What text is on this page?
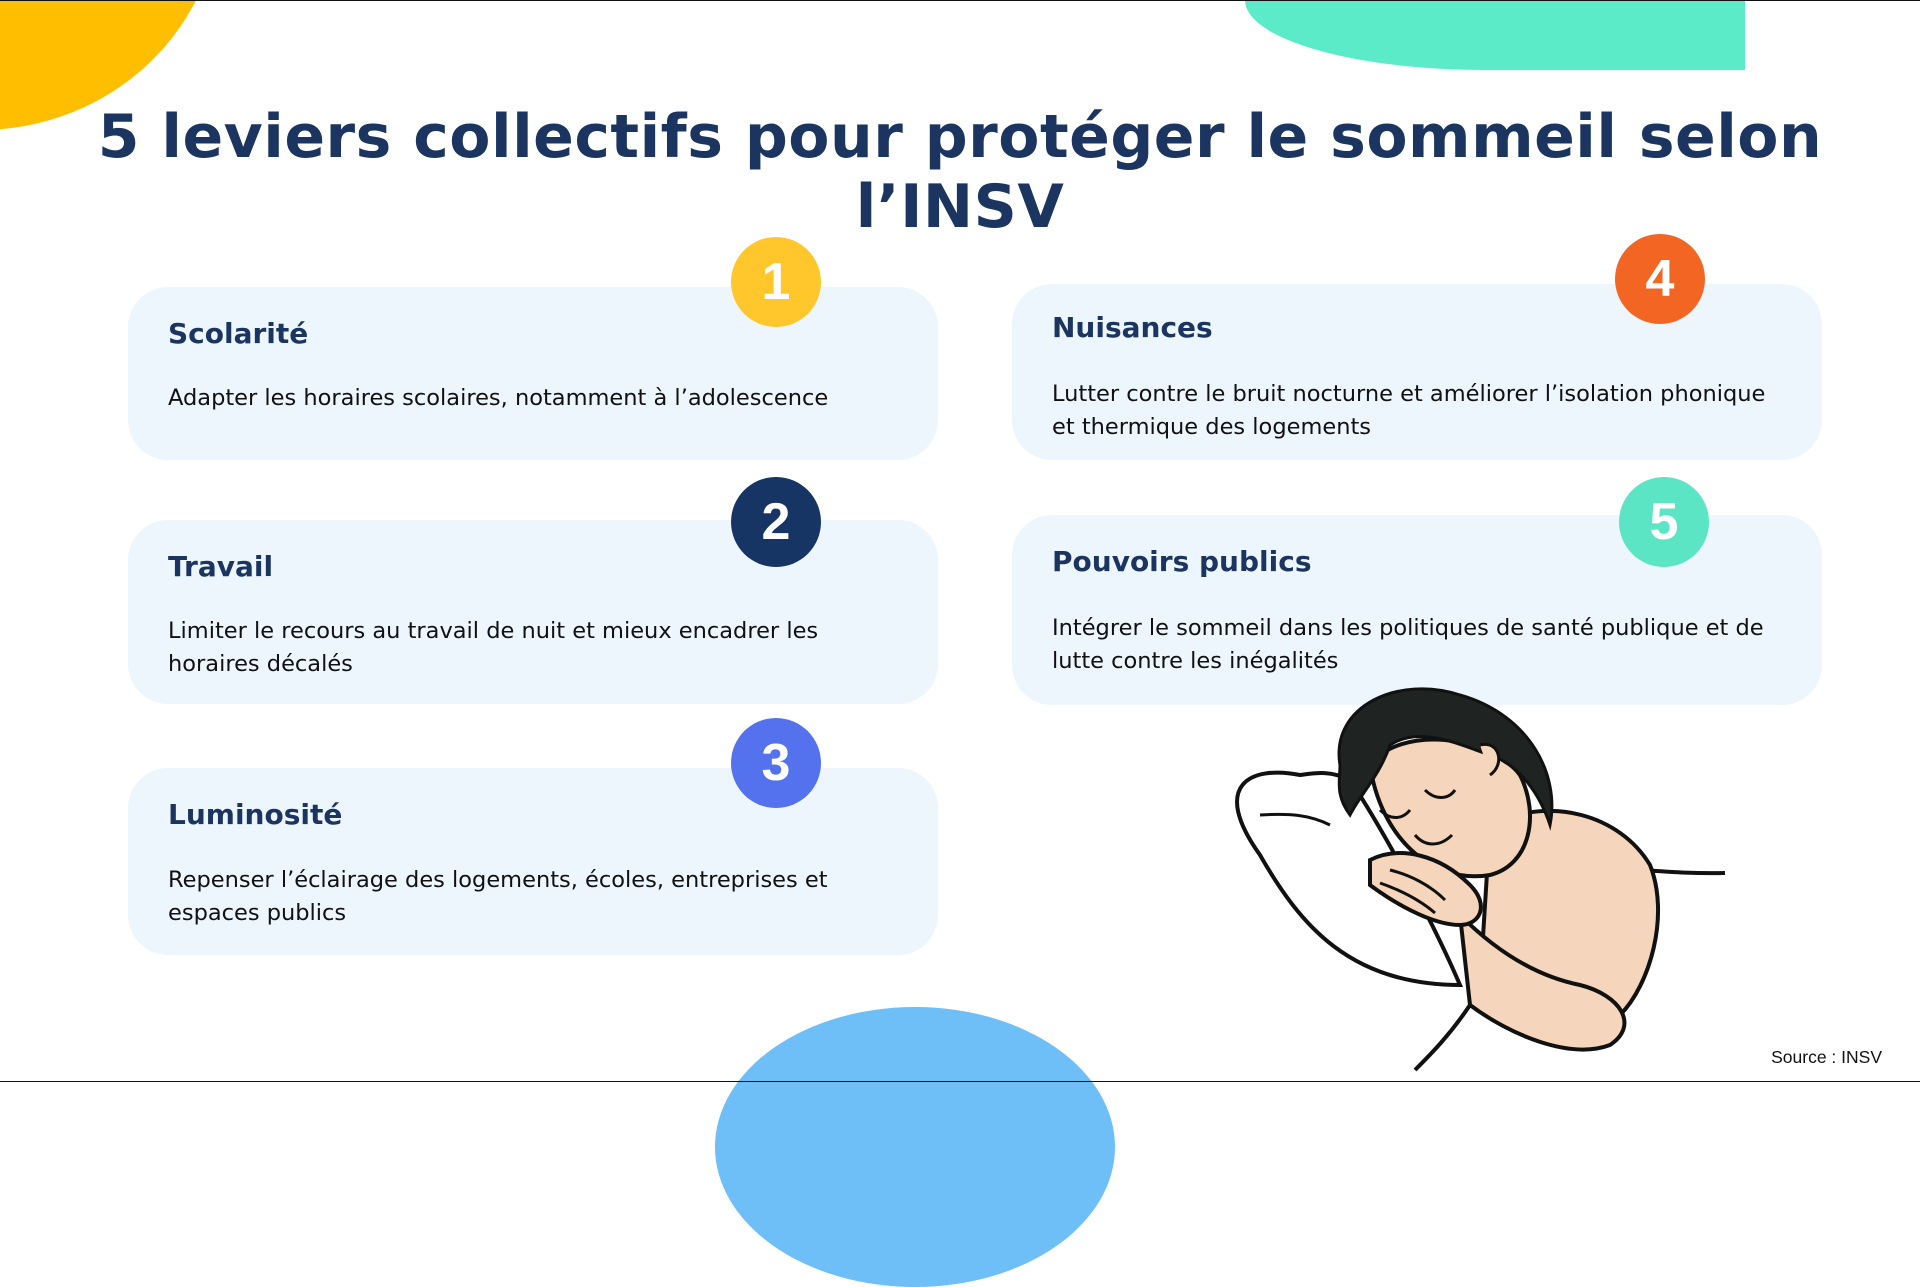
5 leviers collectifs pour protéger le sommeil selon l’INSV
Scolarité

Adapter les horaires scolaires, notamment à l’adolescence

1
Travail

Limiter le recours au travail de nuit et mieux encadrer les horaires décalés

2
Luminosité

Repenser l’éclairage des logements, écoles, entreprises et espaces publics

3
Nuisances

Lutter contre le bruit nocturne et améliorer l’isolation phonique et thermique des logements

4
Pouvoirs publics

Intégrer le sommeil dans les politiques de santé publique et de lutte contre les inégalités

5
Source : INSV
